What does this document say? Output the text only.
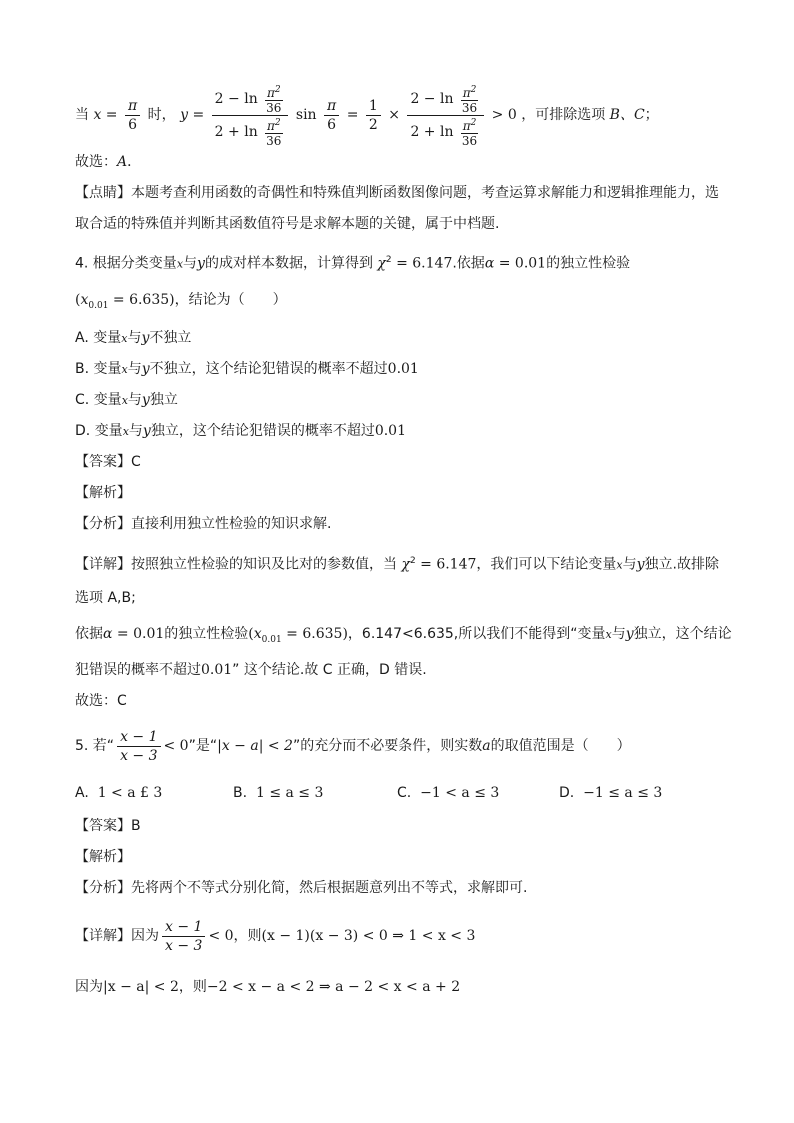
当 $x = \frac{\pi}{6}$ 时， $y = \frac{2 - \ln \frac{\pi^2}{36}}{2 + \ln \frac{\pi^2}{36}}$ $\sin \frac{\pi}{6} = \frac{1}{2} \times \frac{2 - \ln \frac{\pi^2}{36}}{2 + \ln \frac{\pi^2}{36}} > 0$ ，可排除选项 B、C；
故选：A．
【点睛】本题考查利用函数的奇偶性和特殊值判断函数图像问题，考查运算求解能力和逻辑推理能力，选
取合适的特殊值并判断其函数值符号是求解本题的关键，属于中档题.
4. 根据分类变量x与y的成对样本数据，计算得到 $\chi^2 = 6.147$.依据α = 0.01的独立性检验
$(x_{0.01} = 6.635)$，结论为（　　）
A. 变量x与y不独立
B. 变量x与y不独立，这个结论犯错误的概率不超过0.01
C. 变量x与y独立
D. 变量x与y独立，这个结论犯错误的概率不超过0.01
【答案】C
【解析】
【分析】直接利用独立性检验的知识求解.
【详解】按照独立性检验的知识及比对的参数值，当 $\chi^2 = 6.147$，我们可以下结论变量x与y独立.故排除
选项 A,B;
依据α = 0.01的独立性检验$(x_{0.01} = 6.635)$，6.147<6.635,所以我们不能得到“变量x与y独立，这个结论
犯错误的概率不超过0.01” 这个结论.故 C 正确，D 错误.
故选：C
5. 若“ $\frac{x - 1}{x - 3} < 0$”是“|x − a| < 2”的充分而不必要条件，则实数a的取值范围是（　　）
A. 1 < a £ 3	B. 1 ≤ a ≤ 3	C. −1 < a ≤ 3	D. −1 ≤ a ≤ 3
【答案】B
【解析】
【分析】先将两个不等式分别化简，然后根据题意列出不等式，求解即可.
【详解】因为 $\frac{x - 1}{x - 3} < 0$，则(x − 1)(x − 3) < 0 ⇒ 1 < x < 3
因为|x − a| < 2，则−2 < x − a < 2 ⇒ a − 2 < x < a + 2
